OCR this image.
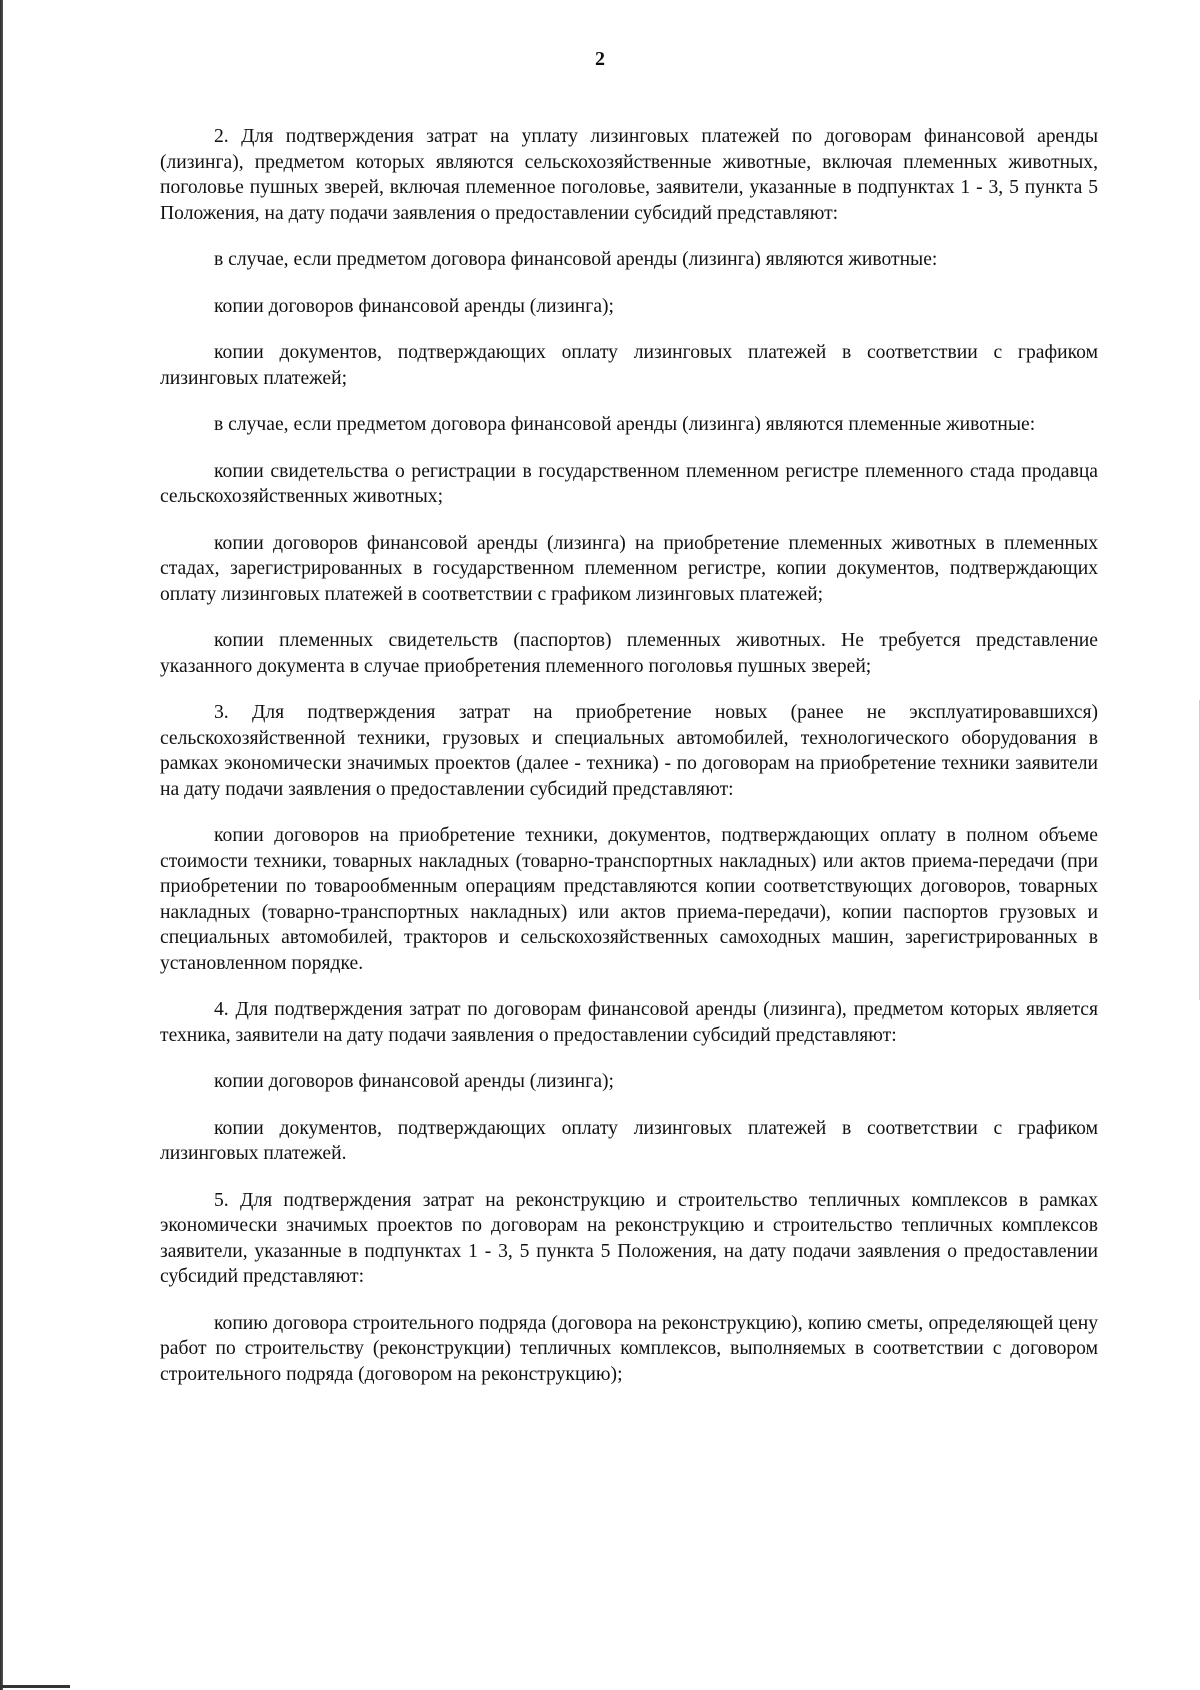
2

2. Для подтверждения затрат на уплату лизинговых платежей по договорам финансовой аренды (лизинга), предметом которых являются сельскохозяйственные животные, включая племенных животных, поголовье пушных зверей, включая племенное поголовье, заявители, указанные в подпунктах 1 - 3, 5 пункта 5 Положения, на дату подачи заявления о предоставлении субсидий представляют:

в случае, если предметом договора финансовой аренды (лизинга) являются животные:

копии договоров финансовой аренды (лизинга);

копии документов, подтверждающих оплату лизинговых платежей в соответствии с графиком лизинговых платежей;

в случае, если предметом договора финансовой аренды (лизинга) являются племенные животные:

копии свидетельства о регистрации в государственном племенном регистре племенного стада продавца сельскохозяйственных животных;

копии договоров финансовой аренды (лизинга) на приобретение племенных животных в племенных стадах, зарегистрированных в государственном племенном регистре, копии документов, подтверждающих оплату лизинговых платежей в соответствии с графиком лизинговых платежей;

копии племенных свидетельств (паспортов) племенных животных. Не требуется представление указанного документа в случае приобретения племенного поголовья пушных зверей;

3. Для подтверждения затрат на приобретение новых (ранее не эксплуатировавшихся) сельскохозяйственной техники, грузовых и специальных автомобилей, технологического оборудования в рамках экономически значимых проектов (далее - техника) - по договорам на приобретение техники заявители на дату подачи заявления о предоставлении субсидий представляют:

копии договоров на приобретение техники, документов, подтверждающих оплату в полном объеме стоимости техники, товарных накладных (товарно-транспортных накладных) или актов приема-передачи (при приобретении по товарообменным операциям представляются копии соответствующих договоров, товарных накладных (товарно-транспортных накладных) или актов приема-передачи), копии паспортов грузовых и специальных автомобилей, тракторов и сельскохозяйственных самоходных машин, зарегистрированных в установленном порядке.

4. Для подтверждения затрат по договорам финансовой аренды (лизинга), предметом которых является техника, заявители на дату подачи заявления о предоставлении субсидий представляют:

копии договоров финансовой аренды (лизинга);

копии документов, подтверждающих оплату лизинговых платежей в соответствии с графиком лизинговых платежей.

5. Для подтверждения затрат на реконструкцию и строительство тепличных комплексов в рамках экономически значимых проектов по договорам на реконструкцию и строительство тепличных комплексов заявители, указанные в подпунктах 1 - 3, 5 пункта 5 Положения, на дату подачи заявления о предоставлении субсидий представляют:

копию договора строительного подряда (договора на реконструкцию), копию сметы, определяющей цену работ по строительству (реконструкции) тепличных комплексов, выполняемых в соответствии с договором строительного подряда (договором на реконструкцию);
